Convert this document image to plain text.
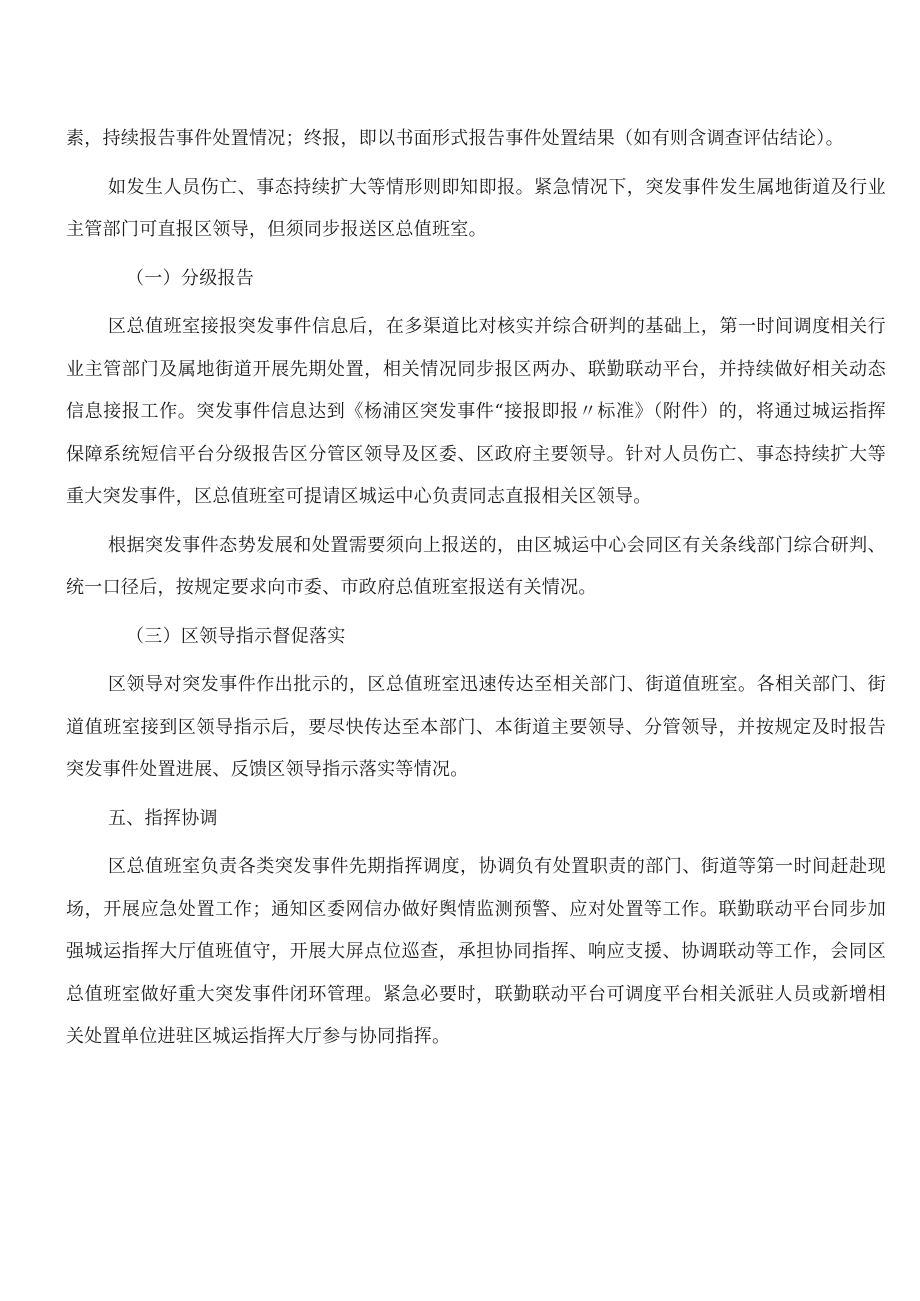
素，持续报告事件处置情况；终报，即以书面形式报告事件处置结果（如有则含调查评估结论）。

如发生人员伤亡、事态持续扩大等情形则即知即报。紧急情况下，突发事件发生属地街道及行业主管部门可直报区领导，但须同步报送区总值班室。

（一）分级报告

区总值班室接报突发事件信息后，在多渠道比对核实并综合研判的基础上，第一时间调度相关行业主管部门及属地街道开展先期处置，相关情况同步报区两办、联勤联动平台，并持续做好相关动态信息接报工作。突发事件信息达到《杨浦区突发事件“接报即报〃标准》（附件）的，将通过城运指挥保障系统短信平台分级报告区分管区领导及区委、区政府主要领导。针对人员伤亡、事态持续扩大等重大突发事件，区总值班室可提请区城运中心负责同志直报相关区领导。

根据突发事件态势发展和处置需要须向上报送的，由区城运中心会同区有关条线部门综合研判、统一口径后，按规定要求向市委、市政府总值班室报送有关情况。

（三）区领导指示督促落实

区领导对突发事件作出批示的，区总值班室迅速传达至相关部门、街道值班室。各相关部门、街道值班室接到区领导指示后，要尽快传达至本部门、本街道主要领导、分管领导，并按规定及时报告突发事件处置进展、反馈区领导指示落实等情况。

五、指挥协调

区总值班室负责各类突发事件先期指挥调度，协调负有处置职责的部门、街道等第一时间赶赴现场，开展应急处置工作；通知区委网信办做好舆情监测预警、应对处置等工作。联勤联动平台同步加强城运指挥大厅值班值守，开展大屏点位巡查，承担协同指挥、响应支援、协调联动等工作，会同区总值班室做好重大突发事件闭环管理。紧急必要时，联勤联动平台可调度平台相关派驻人员或新增相关处置单位进驻区城运指挥大厅参与协同指挥。
